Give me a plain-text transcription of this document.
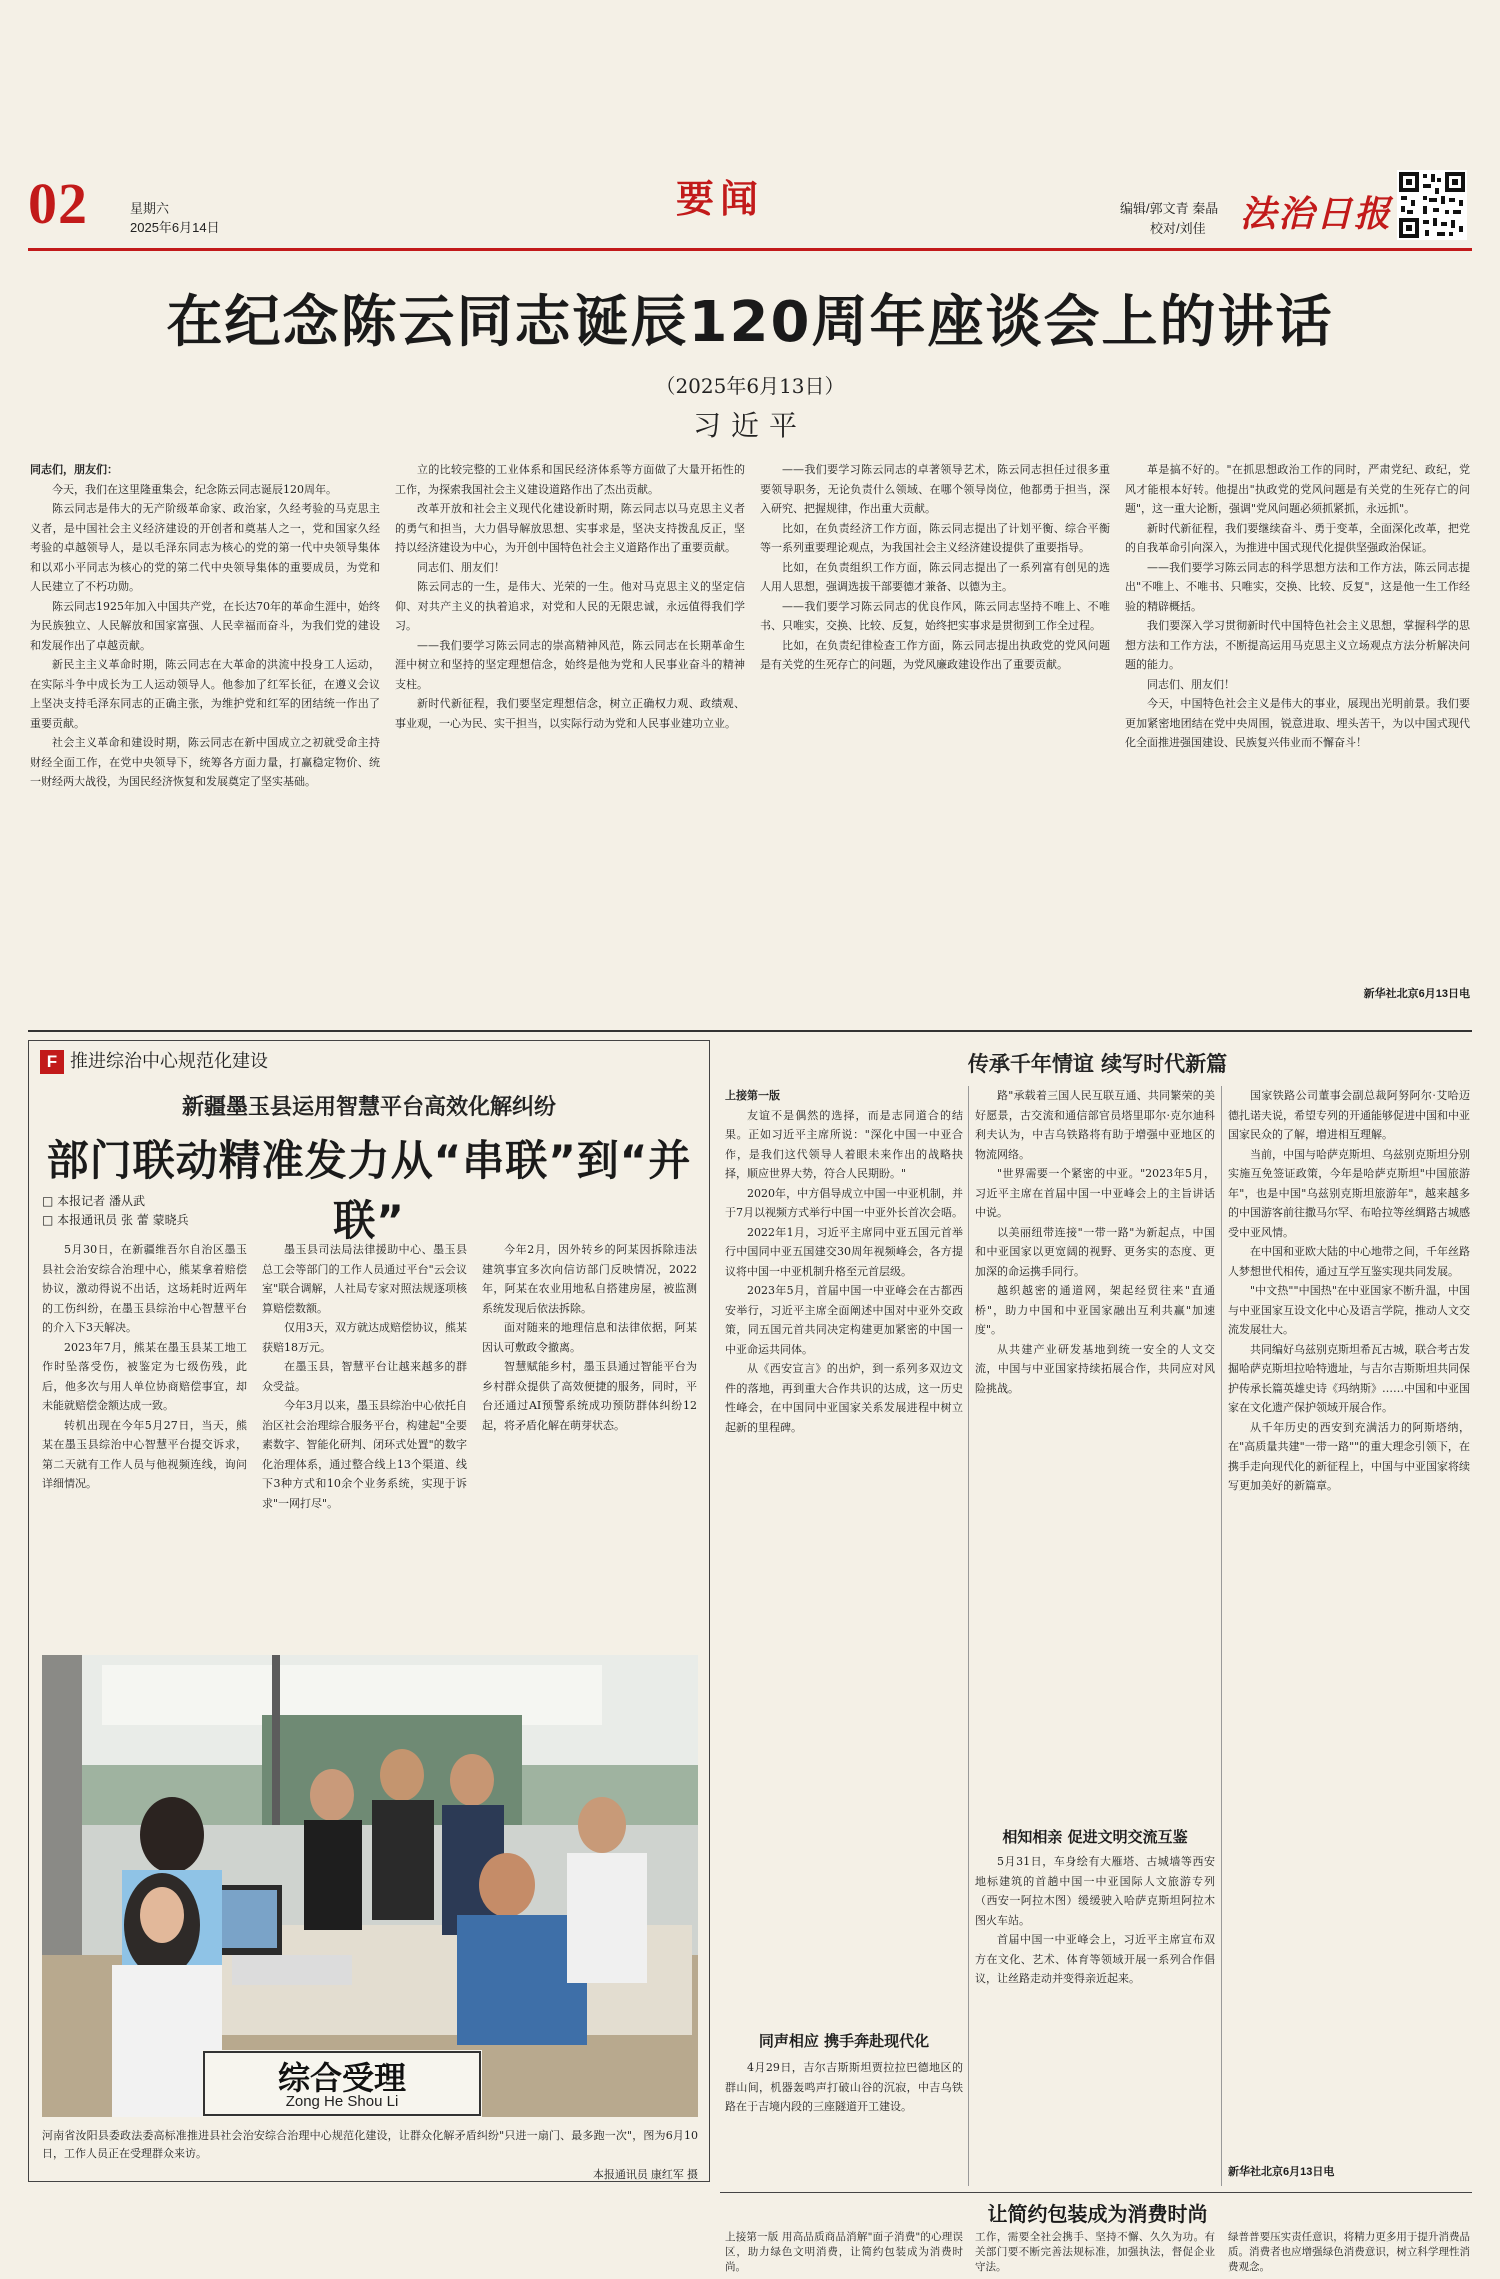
02	星期六
2025年6月14日
要闻	编辑/郭文青 秦晶
校对/刘佳 法治日报
在纪念陈云同志诞辰120周年座谈会上的讲话
（2025年6月13日）
习近平

同志们，朋友们：

今天，我们在这里隆重集会，纪念陈云同志诞辰120周年。

陈云同志是伟大的无产阶级革命家、政治家，久经考验的马克思主义者，是中国社会主义经济建设的开创者和奠基人之一，党和国家久经考验的卓越领导人，是以毛泽东同志为核心的党的第一代中央领导集体和以邓小平同志为核心的党的第二代中央领导集体的重要成员，为党和人民建立了不朽功勋。

陈云同志1925年加入中国共产党，在长达70年的革命生涯中，始终为民族独立、人民解放和国家富强、人民幸福而奋斗，为我们党的建设和发展作出了卓越贡献。

新民主主义革命时期，陈云同志在大革命的洪流中投身工人运动，在实际斗争中成长为工人运动领导人。他参加了红军长征，在遵义会议上坚决支持毛泽东同志的正确主张，为维护党和红军的团结统一作出了重要贡献。

社会主义革命和建设时期，陈云同志在新中国成立之初就受命主持财经全面工作，在党中央领导下，统筹各方面力量，打赢稳定物价、统一财经两大战役，为国民经济恢复和发展奠定了坚实基础。

立的比较完整的工业体系和国民经济体系等方面做了大量开拓性的工作，为探索我国社会主义建设道路作出了杰出贡献。

改革开放和社会主义现代化建设新时期，陈云同志以马克思主义者的勇气和担当，大力倡导解放思想、实事求是，坚决支持拨乱反正，坚持以经济建设为中心，为开创中国特色社会主义道路作出了重要贡献。

同志们、朋友们！

陈云同志的一生，是伟大、光荣的一生。他对马克思主义的坚定信仰、对共产主义的执着追求，对党和人民的无限忠诚，永远值得我们学习。

——我们要学习陈云同志的崇高精神风范，陈云同志在长期革命生涯中树立和坚持的坚定理想信念，始终是他为党和人民事业奋斗的精神支柱。

新时代新征程，我们要坚定理想信念，树立正确权力观、政绩观、事业观，一心为民、实干担当，以实际行动为党和人民事业建功立业。

——我们要学习陈云同志的卓著领导艺术，陈云同志担任过很多重要领导职务，无论负责什么领域、在哪个领导岗位，他都勇于担当，深入研究、把握规律，作出重大贡献。

比如，在负责经济工作方面，陈云同志提出了计划平衡、综合平衡等一系列重要理论观点，为我国社会主义经济建设提供了重要指导。

比如，在负责组织工作方面，陈云同志提出了一系列富有创见的选人用人思想，强调选拔干部要德才兼备、以德为主。

——我们要学习陈云同志的优良作风，陈云同志坚持不唯上、不唯书、只唯实，交换、比较、反复，始终把实事求是贯彻到工作全过程。

比如，在负责纪律检查工作方面，陈云同志提出执政党的党风问题是有关党的生死存亡的问题，为党风廉政建设作出了重要贡献。

革是搞不好的。"在抓思想政治工作的同时，严肃党纪、政纪，党风才能根本好转。他提出"执政党的党风问题是有关党的生死存亡的问题"，这一重大论断，强调"党风问题必须抓紧抓，永远抓"。

新时代新征程，我们要继续奋斗、勇于变革，全面深化改革，把党的自我革命引向深入，为推进中国式现代化提供坚强政治保证。

——我们要学习陈云同志的科学思想方法和工作方法，陈云同志提出"不唯上、不唯书、只唯实，交换、比较、反复"，这是他一生工作经验的精辟概括。

我们要深入学习贯彻新时代中国特色社会主义思想，掌握科学的思想方法和工作方法，不断提高运用马克思主义立场观点方法分析解决问题的能力。

同志们、朋友们！

今天，中国特色社会主义是伟大的事业，展现出光明前景。我们要更加紧密地团结在党中央周围，锐意进取、埋头苦干，为以中国式现代化全面推进强国建设、民族复兴伟业而不懈奋斗！

新华社北京6月13日电
F 推进综治中心规范化建设
新疆墨玉县运用智慧平台高效化解纠纷
部门联动精准发力从“串联”到“并联”
□ 本报记者 潘从武
□ 本报通讯员 张 蕾 蒙晓兵

5月30日，在新疆维吾尔自治区墨玉县社会治安综合治理中心，熊某拿着赔偿协议，激动得说不出话，这场耗时近两年的工伤纠纷，在墨玉县综治中心智慧平台的介入下3天解决。

2023年7月，熊某在墨玉县某工地工作时坠落受伤，被鉴定为七级伤残，此后，他多次与用人单位协商赔偿事宜，却未能就赔偿金额达成一致。

转机出现在今年5月27日，当天，熊某在墨玉县综治中心智慧平台提交诉求，第二天就有工作人员与他视频连线，询问详细情况。

墨玉县司法局法律援助中心、墨玉县总工会等部门的工作人员通过平台"云会议室"联合调解，人社局专家对照法规逐项核算赔偿数额。

仅用3天，双方就达成赔偿协议，熊某获赔18万元。

在墨玉县，智慧平台让越来越多的群众受益。

今年3月以来，墨玉县综治中心依托自治区社会治理综合服务平台，构建起"全要素数字、智能化研判、闭环式处置"的数字化治理体系，通过整合线上13个渠道、线下3种方式和10余个业务系统，实现于诉求"一网打尽"。

今年2月，因外转乡的阿某因拆除违法建筑事宜多次向信访部门反映情况，2022年，阿某在农业用地私自搭建房屋，被监测系统发现后依法拆除。

面对随来的地理信息和法律依据，阿某因认可敷政令撤离。

智慧赋能乡村，墨玉县通过智能平台为乡村群众提供了高效便捷的服务，同时，平台还通过AI预警系统成功预防群体纠纷12起，将矛盾化解在萌芽状态。

综合受理
Zong He Shou Li
河南省汝阳县委政法委高标准推进县社会治安综合治理中心规范化建设，让群众化解矛盾纠纷"只进一扇门、最多跑一次"，图为6月10日，工作人员正在受理群众来访。
本报通讯员 康红军 摄
传承千年情谊 续写时代新篇

上接第一版

友谊不是偶然的选择，而是志同道合的结果。正如习近平主席所说："深化中国一中亚合作，是我们这代领导人着眼未来作出的战略抉择，顺应世界大势，符合人民期盼。"

2020年，中方倡导成立中国一中亚机制，并于7月以视频方式举行中国一中亚外长首次会晤。

2022年1月，习近平主席同中亚五国元首举行中国同中亚五国建交30周年视频峰会，各方提议将中国一中亚机制升格至元首层级。

2023年5月，首届中国一中亚峰会在古都西安举行，习近平主席全面阐述中国对中亚外交政策，同五国元首共同决定构建更加紧密的中国一中亚命运共同体。

从《西安宣言》的出炉，到一系列多双边文件的落地，再到重大合作共识的达成，这一历史性峰会，在中国同中亚国家关系发展进程中树立起新的里程碑。

同声相应 携手奔赴现代化

4月29日，吉尔吉斯斯坦贾拉拉巴德地区的群山间，机器轰鸣声打破山谷的沉寂，中吉乌铁路在于吉境内段的三座隧道开工建设。

路"承载着三国人民互联互通、共同繁荣的美好愿景，古交流和通信部官员塔里耶尔·克尔迪科利夫认为，中吉乌铁路将有助于增强中亚地区的物流网络。

"世界需要一个紧密的中亚。"2023年5月，习近平主席在首届中国一中亚峰会上的主旨讲话中说。

以美丽纽带连接"一带一路"为新起点，中国和中亚国家以更宽阔的视野、更务实的态度、更加深的命运携手同行。

越织越密的通道网，架起经贸往来"直通桥"，助力中国和中亚国家融出互利共赢"加速度"。

从共建产业研发基地到统一安全的人文交流，中国与中亚国家持续拓展合作，共同应对风险挑战。

相知相亲 促进文明交流互鉴

5月31日，车身绘有大雁塔、古城墙等西安地标建筑的首趟中国一中亚国际人文旅游专列（西安一阿拉木图）缓缓驶入哈萨克斯坦阿拉木图火车站。

首届中国一中亚峰会上，习近平主席宣布双方在文化、艺术、体育等领域开展一系列合作倡议，让丝路走动并变得亲近起来。

国家铁路公司董事会副总裁阿努阿尔·艾哈迈德扎诺夫说，希望专列的开通能够促进中国和中亚国家民众的了解，增进相互理解。

当前，中国与哈萨克斯坦、乌兹别克斯坦分别实施互免签证政策，今年是哈萨克斯坦"中国旅游年"，也是中国"乌兹别克斯坦旅游年"，越来越多的中国游客前往撒马尔罕、布哈拉等丝绸路古城感受中亚风情。

在中国和亚欧大陆的中心地带之间，千年丝路人梦想世代相传，通过互学互鉴实现共同发展。

"中文热""中国热"在中亚国家不断升温，中国与中亚国家互设文化中心及语言学院，推动人文交流发展壮大。

共同编好乌兹别克斯坦希瓦古城，联合考古发掘哈萨克斯坦拉哈特遗址，与吉尔吉斯斯坦共同保护传承长篇英雄史诗《玛纳斯》……中国和中亚国家在文化遗产保护领域开展合作。

从千年历史的西安到充满活力的阿斯塔纳，在"高质量共建"一带一路""的重大理念引领下，在携手走向现代化的新征程上，中国与中亚国家将续写更加美好的新篇章。

新华社北京6月13日电
让简约包装成为消费时尚
上接第一版 用高品质商品消解"面子消费"的心理误区，助力绿色文明消费，让简约包装成为消费时尚。
工作，需要全社会携手、坚持不懈、久久为功。有关部门要不断完善法规标准，加强执法，督促企业守法。
绿普普要压实责任意识，将精力更多用于提升消费品质。消费者也应增强绿色消费意识，树立科学理性消费观念。
